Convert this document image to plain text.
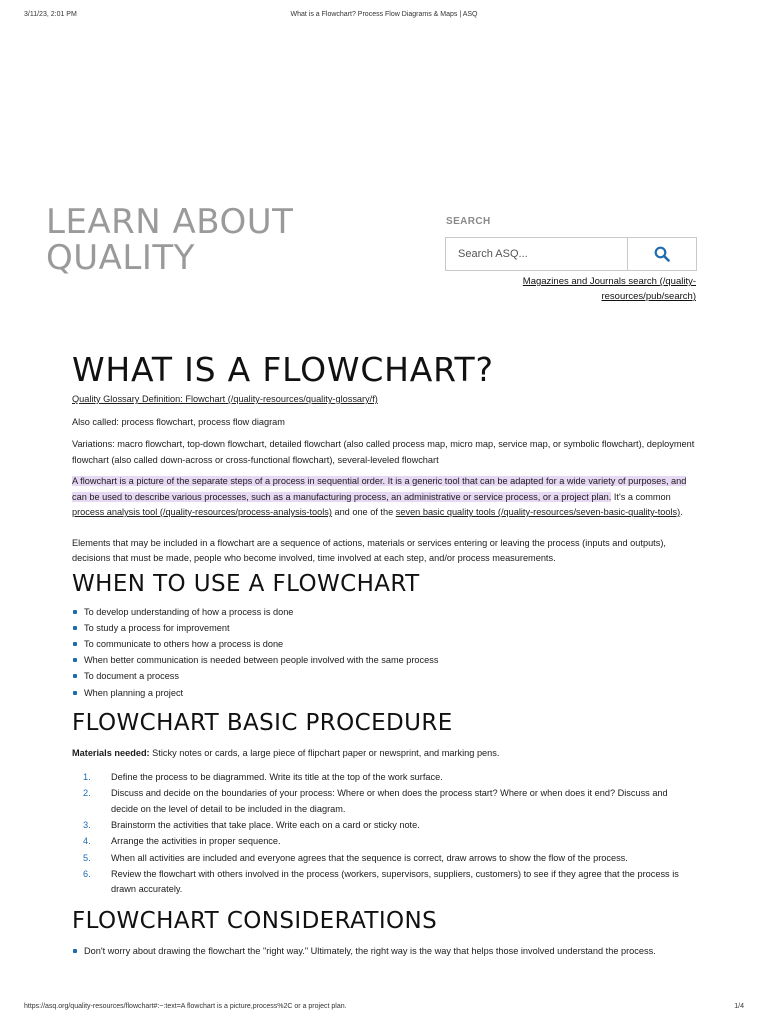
3/11/23, 2:01 PM	What is a Flowchart? Process Flow Diagrams & Maps | ASQ
LEARN ABOUT QUALITY
SEARCH
Search ASQ...
Magazines and Journals search (/quality-resources/pub/search)
WHAT IS A FLOWCHART?

Quality Glossary Definition: Flowchart (/quality-resources/quality-glossary/f)

Also called: process flowchart, process flow diagram

Variations: macro flowchart, top-down flowchart, detailed flowchart (also called process map, micro map, service map, or symbolic flowchart), deployment flowchart (also called down-across or cross-functional flowchart), several-leveled flowchart

A flowchart is a picture of the separate steps of a process in sequential order. It is a generic tool that can be adapted for a wide variety of purposes, and can be used to describe various processes, such as a manufacturing process, an administrative or service process, or a project plan. It's a common process analysis tool (/quality-resources/process-analysis-tools) and one of the seven basic quality tools (/quality-resources/seven-basic-quality-tools).

Elements that may be included in a flowchart are a sequence of actions, materials or services entering or leaving the process (inputs and outputs), decisions that must be made, people who become involved, time involved at each step, and/or process measurements.

WHEN TO USE A FLOWCHART
To develop understanding of how a process is done
To study a process for improvement
To communicate to others how a process is done
When better communication is needed between people involved with the same process
To document a process
When planning a project
FLOWCHART BASIC PROCEDURE

Materials needed: Sticky notes or cards, a large piece of flipchart paper or newsprint, and marking pens.

1. Define the process to be diagrammed. Write its title at the top of the work surface.
2. Discuss and decide on the boundaries of your process: Where or when does the process start? Where or when does it end? Discuss and decide on the level of detail to be included in the diagram.
3. Brainstorm the activities that take place. Write each on a card or sticky note.
4. Arrange the activities in proper sequence.
5. When all activities are included and everyone agrees that the sequence is correct, draw arrows to show the flow of the process.
6. Review the flowchart with others involved in the process (workers, supervisors, suppliers, customers) to see if they agree that the process is drawn accurately.
FLOWCHART CONSIDERATIONS
Don't worry about drawing the flowchart the "right way." Ultimately, the right way is the way that helps those involved understand the process.
https://asq.org/quality-resources/flowchart#:~:text=A flowchart is a picture,process%2C or a project plan.	1/4
